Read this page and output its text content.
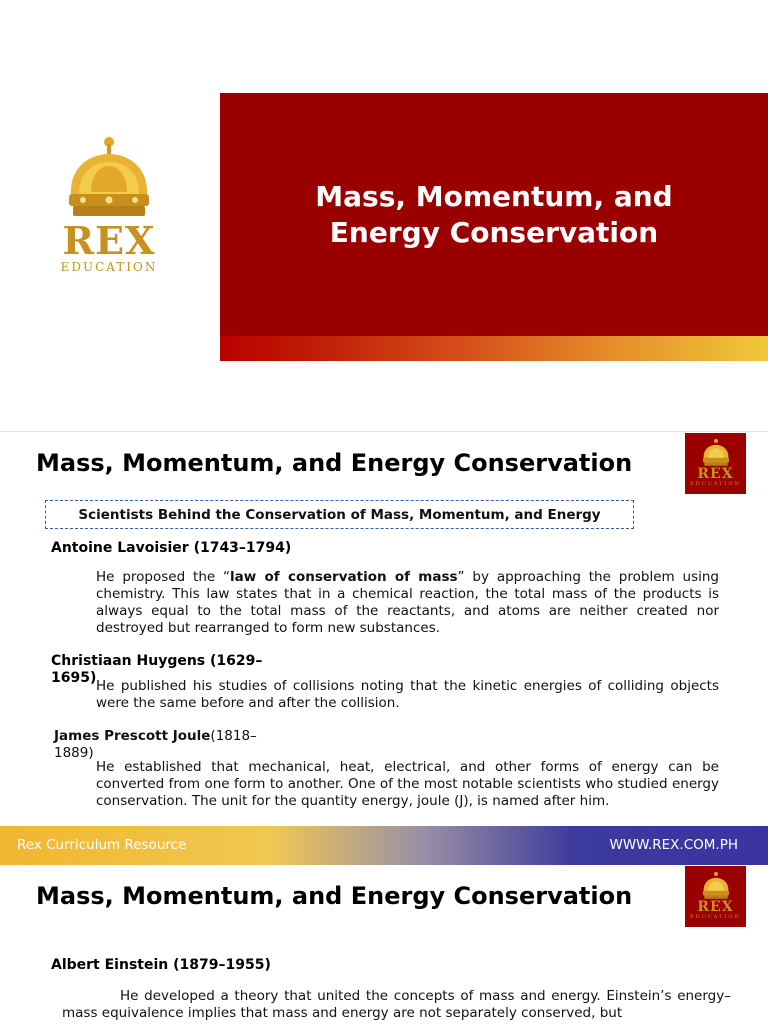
REX
EDUCATION
Mass, Momentum, and Energy Conservation
Mass, Momentum, and Energy Conservation	REX
EDUCATION
Scientists Behind the Conservation of Mass, Momentum, and Energy
Antoine Lavoisier (1743–1794)
He proposed the “law of conservation of mass” by approaching the problem using chemistry. This law states that in a chemical reaction, the total mass of the products is always equal to the total mass of the reactants, and atoms are neither created nor destroyed but rearranged to form new substances.
Christiaan Huygens (1629–
1695) He published his studies of collisions noting that the kinetic energies of colliding objects were the same before and after the collision.
James Prescott Joule(1818–
1889)
He established that mechanical, heat, electrical, and other forms of energy can be converted from one form to another. One of the most notable scientists who studied energy conservation. The unit for the quantity energy, joule (J), is named after him.
Rex Curriculum Resource	WWW.REX.COM.PH
Mass, Momentum, and Energy Conservation	REX
EDUCATION
Albert Einstein (1879–1955)
He developed a theory that united the concepts of mass and energy. Einstein’s energy–mass equivalence implies that mass and energy are not separately conserved, but
